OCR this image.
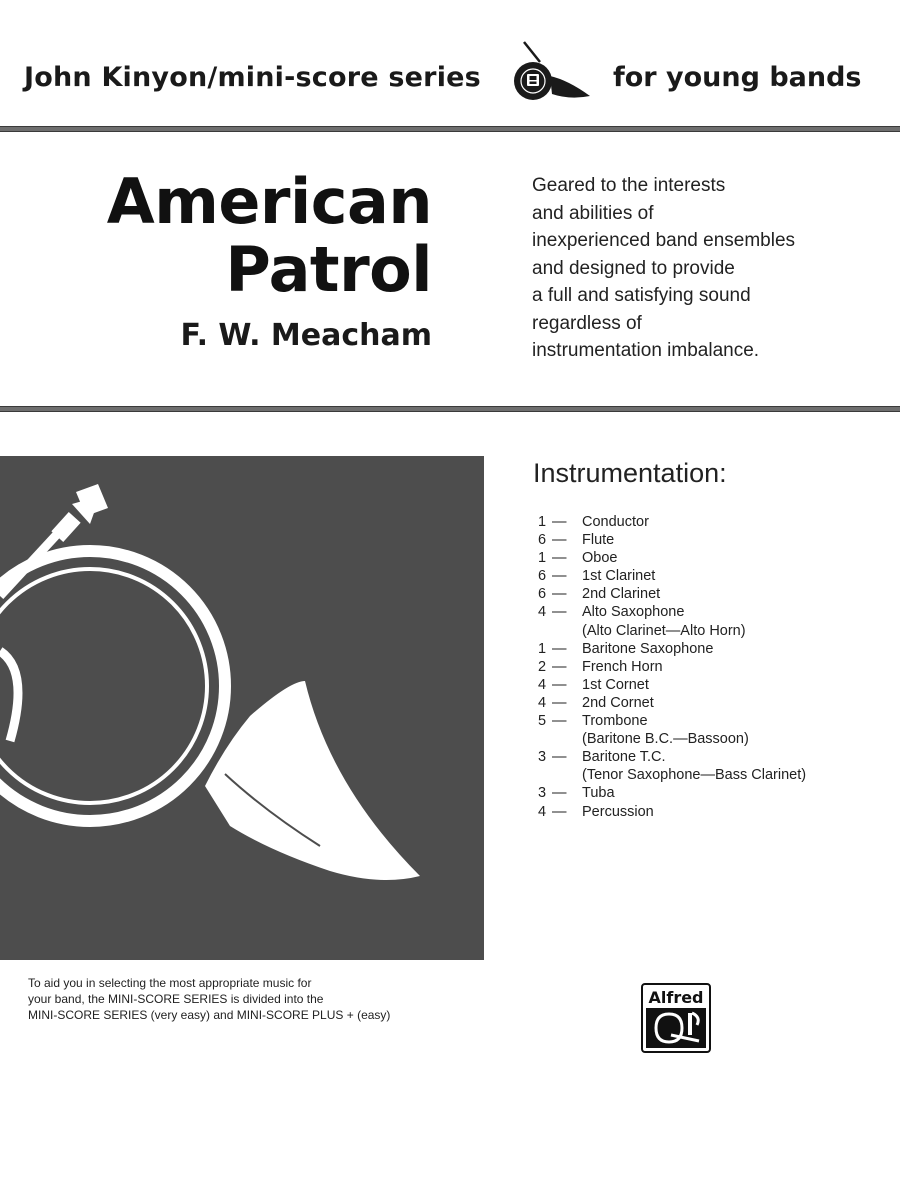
John Kinyon/mini-score series	for young bands
American
Patrol
F. W. Meacham
Geared to the interests
and abilities of
inexperienced band ensembles
and designed to provide
a full and satisfying sound
regardless of
instrumentation imbalance.
Instrumentation:
1 — Conductor
6 — Flute
1 — Oboe
6 — 1st Clarinet
6 — 2nd Clarinet
4 — Alto Saxophone
(Alto Clarinet—Alto Horn)
1 — Baritone Saxophone
2 — French Horn
4 — 1st Cornet
4 — 2nd Cornet
5 — Trombone
(Baritone B.C.—Bassoon)
3 — Baritone T.C.
(Tenor Saxophone—Bass Clarinet)
3 — Tuba
4 — Percussion
To aid you in selecting the most appropriate music for
your band, the MINI-SCORE SERIES is divided into the
MINI-SCORE SERIES (very easy) and MINI-SCORE PLUS + (easy)
Alfred
